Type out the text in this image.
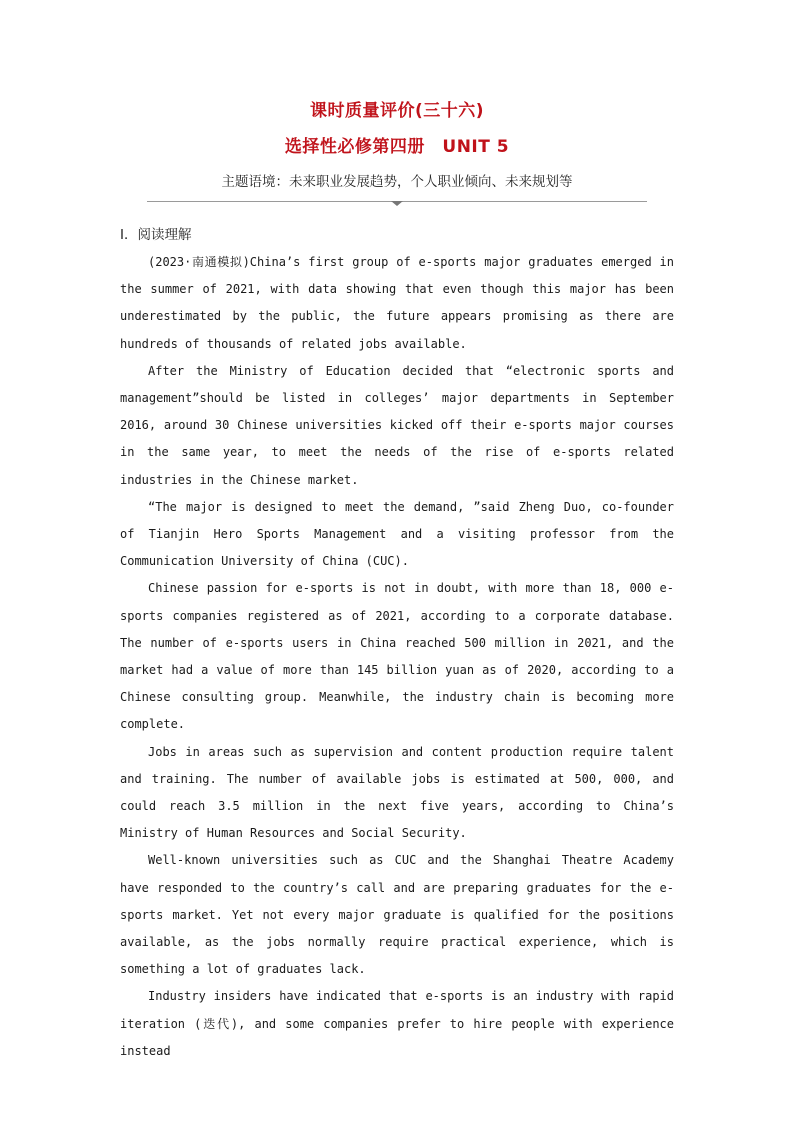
课时质量评价(三十六)
选择性必修第四册　UNIT 5
主题语境：未来职业发展趋势，个人职业倾向、未来规划等
Ⅰ．阅读理解

(2023·南通模拟)China’s first group of e-sports major graduates emerged in the summer of 2021, with data showing that even though this major has been underestimated by the public, the future appears promising as there are hundreds of thousands of related jobs available.

After the Ministry of Education decided that “electronic sports and management”should be listed in colleges’ major departments in September 2016, around 30 Chinese universities kicked off their e-sports major courses in the same year, to meet the needs of the rise of e-sports related industries in the Chinese market.

“The major is designed to meet the demand, ”said Zheng Duo, co-founder of Tianjin Hero Sports Management and a visiting professor from the Communication University of China (CUC).

Chinese passion for e-sports is not in doubt, with more than 18, 000 e-sports companies registered as of 2021, according to a corporate database. The number of e-sports users in China reached 500 million in 2021, and the market had a value of more than 145 billion yuan as of 2020, according to a Chinese consulting group. Meanwhile, the industry chain is becoming more complete.

Jobs in areas such as supervision and content production require talent and training. The number of available jobs is estimated at 500, 000, and could reach 3.5 million in the next five years, according to China’s Ministry of Human Resources and Social Security.

Well-known universities such as CUC and the Shanghai Theatre Academy have responded to the country’s call and are preparing graduates for the e-sports market. Yet not every major graduate is qualified for the positions available, as the jobs normally require practical experience, which is something a lot of graduates lack.

Industry insiders have indicated that e-sports is an industry with rapid iteration (迭代), and some companies prefer to hire people with experience instead
